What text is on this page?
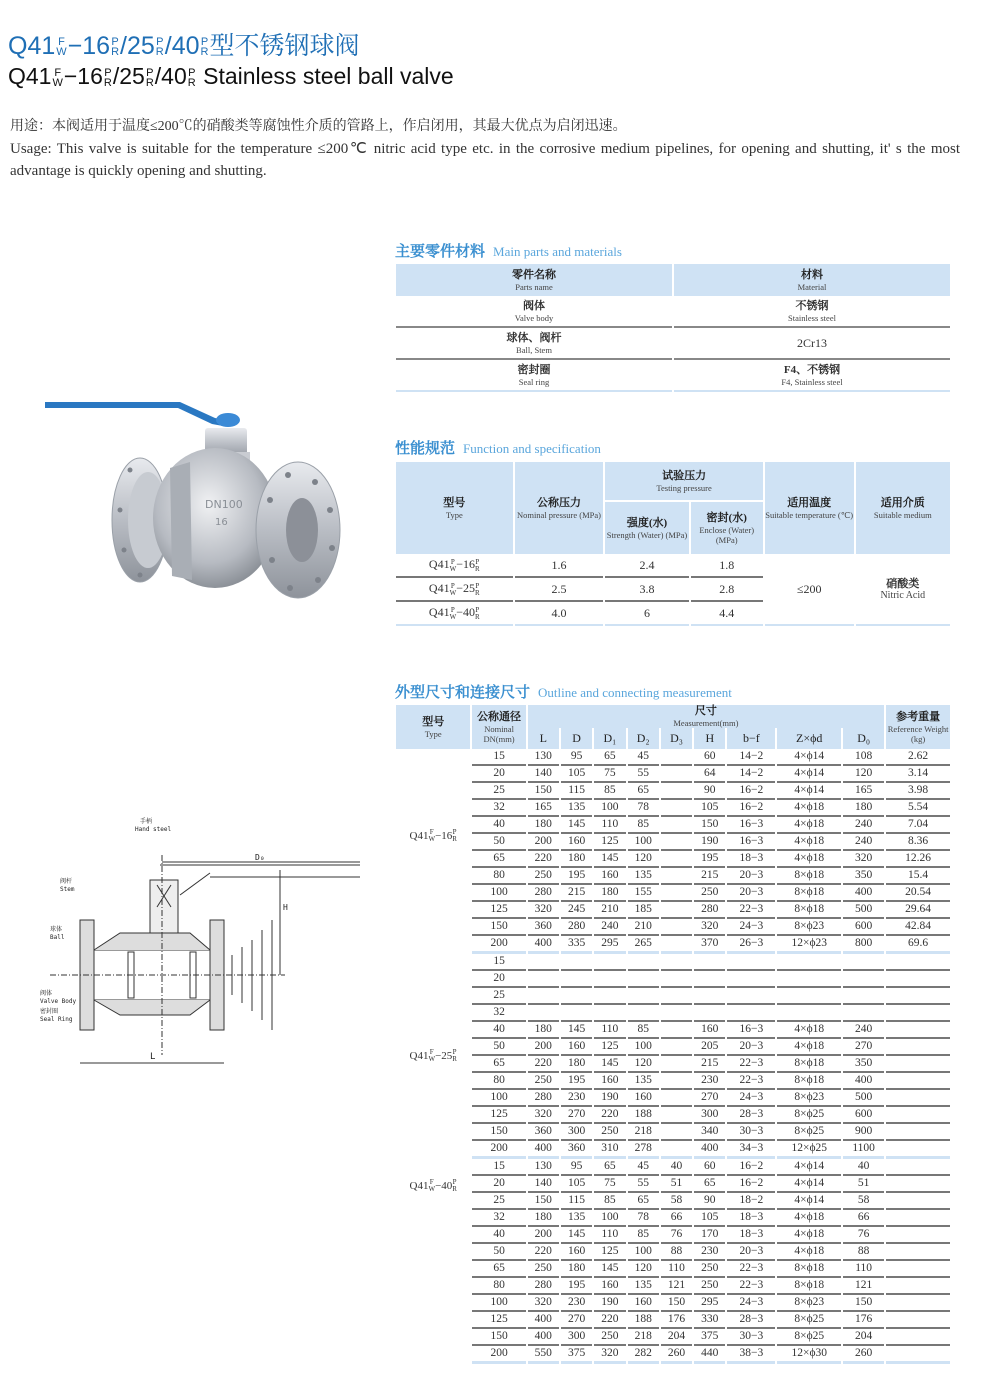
Q41 F
W −16 P
R /25 P
R /40 P
R 型不锈钢球阀
Q41 F
W −16 P
R /25 P
R /40 P
R Stainless steel ball valve
用途：本阀适用于温度≤200℃的硝酸类等腐蚀性介质的管路上，作启闭用，其最大优点为启闭迅速。
Usage: This valve is suitable for the temperature ≤200℃ nitric acid type etc. in the corrosive medium pipelines, for opening and shutting, it' s the most advantage is quickly opening and shutting.
DN100
16
手柄
Hand steel
阀杆
Stem
球体
Ball
阀体
Valve Body
密封圈
Seal Ring
D₀
H
L
主要零件材料 Main parts and materials
零件名称
Parts name	材料
Material

阀体
Valve body	不锈钢
Stainless steel

球体、阀杆
Ball, Stem	2Cr13

密封圈
Seal ring	F4、不锈钢
F4, Stainless steel
性能规范 Function and specification
型号
Type	公称压力
Nominal pressure (MPa)	试验压力
Testing pressure		适用温度
Suitable temperature (℃)	适用介质
Suitable medium

		强度(水)
Strength (Water) (MPa)	密封(水)
Enclose (Water) (MPa)		

Q41 P
W −16 P
R	1.6	2.4	1.8	≤200	硝酸类
Nitric Acid

Q41 P
W −25 P
R	2.5	3.8	2.8
Q41 P
W −40 P
R	4.0	6	4.4
外型尺寸和连接尺寸 Outline and connecting measurement
型号
Type	公称通径
Nominal DN(mm)	尺寸
Measurement(mm)									参考重量
Reference Weight (kg)

		L	D	D₁	D₂	D₃	H	b−f	Z×ϕd	D₀	
Q41 F
W −16 P
R
	15	130	95	65	45		60	14−2	4×ϕ14	108	2.62
	20	140	105	75	55		64	14−2	4×ϕ14	120	3.14
	25	150	115	85	65		90	16−2	4×ϕ14	165	3.98
	32	165	135	100	78		105	16−2	4×ϕ18	180	5.54
	40	180	145	110	85		150	16−3	4×ϕ18	240	7.04
	50	200	160	125	100		190	16−3	4×ϕ18	240	8.36
	65	220	180	145	120		195	18−3	4×ϕ18	320	12.26
	80	250	195	160	135		215	20−3	8×ϕ18	350	15.4
	100	280	215	180	155		250	20−3	8×ϕ18	400	20.54
	125	320	245	210	185		280	22−3	8×ϕ18	500	29.64
	150	360	280	240	210		320	24−3	8×ϕ23	600	42.84
	200	400	335	295	265		370	26−3	12×ϕ23	800	69.6
Q41 F
W −25 P
R
	15										
	20										
	25										
	32										
	40	180	145	110	85		160	16−3	4×ϕ18	240	
	50	200	160	125	100		205	20−3	4×ϕ18	270	
	65	220	180	145	120		215	22−3	8×ϕ18	350	
	80	250	195	160	135		230	22−3	8×ϕ18	400	
	100	280	230	190	160		270	24−3	8×ϕ23	500	
	125	320	270	220	188		300	28−3	8×ϕ25	600	
	150	360	300	250	218		340	30−3	8×ϕ25	900	
	200	400	360	310	278		400	34−3	12×ϕ25	1100	
Q41 F
W −40 P
R
	15	130	95	65	45	40	60	16−2	4×ϕ14	40	
	20	140	105	75	55	51	65	16−2	4×ϕ14	51	
	25	150	115	85	65	58	90	18−2	4×ϕ14	58	
	32	180	135	100	78	66	105	18−3	4×ϕ18	66	
	40	200	145	110	85	76	170	18−3	4×ϕ18	76	
	50	220	160	125	100	88	230	20−3	4×ϕ18	88	
	65	250	180	145	120	110	250	22−3	8×ϕ18	110	
	80	280	195	160	135	121	250	22−3	8×ϕ18	121	
	100	320	230	190	160	150	295	24−3	8×ϕ23	150	
	125	400	270	220	188	176	330	28−3	8×ϕ25	176	
	150	400	300	250	218	204	375	30−3	8×ϕ25	204	
	200	550	375	320	282	260	440	38−3	12×ϕ30	260	
